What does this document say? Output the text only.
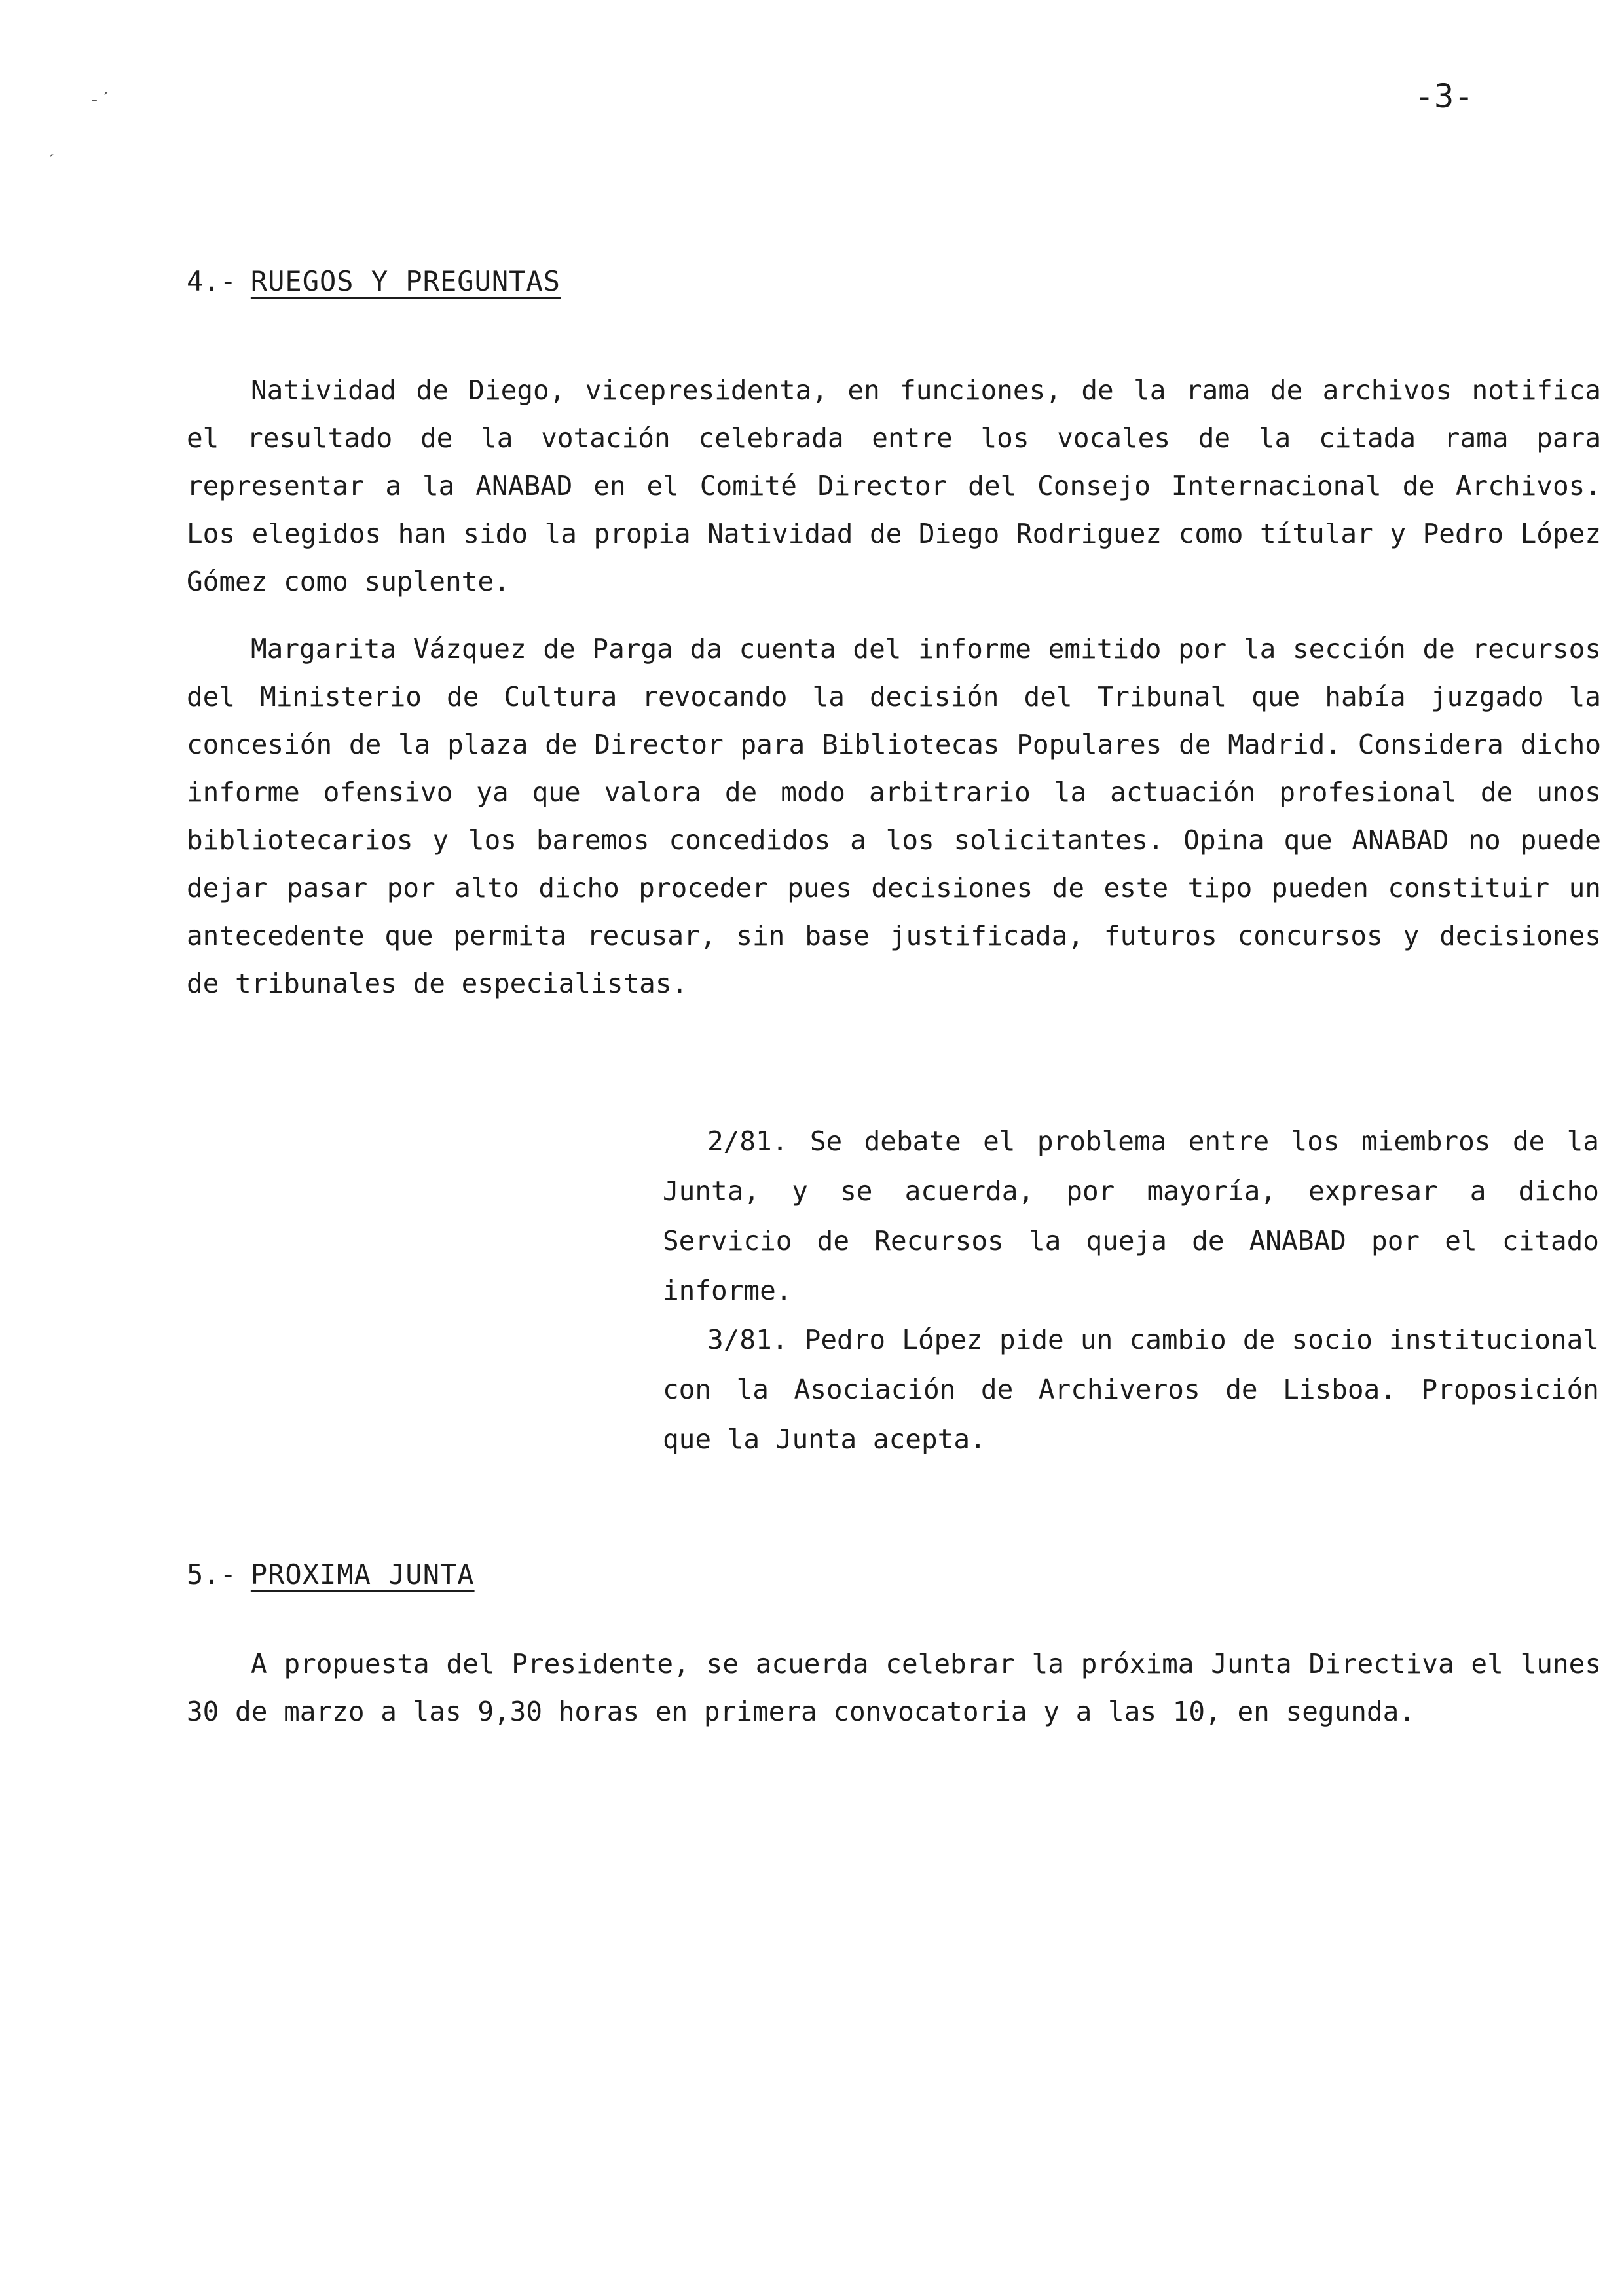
‐ˊ
ˊ
-3-
4.- RUEGOS Y PREGUNTAS

Natividad de Diego, vicepresidenta, en funciones, de la rama de archivos notifica el resultado de la votación celebrada entre los vocales de la citada rama para representar a la ANABAD en el Comité Director del Consejo Internacional de Archivos. Los elegidos han sido la propia Natividad de Diego Rodriguez como títular y Pedro López Gómez como suplente.

Margarita Vázquez de Parga da cuenta del informe emitido por la sección de recursos del Ministerio de Cultura revocando la decisión del Tribunal que había juzgado la concesión de la plaza de Director para Bibliotecas Populares de Madrid. Considera dicho informe ofensivo ya que valora de modo arbitrario la actuación profesional de unos bibliotecarios y los baremos concedidos a los solicitantes. Opina que ANABAD no puede dejar pasar por alto dicho proceder pues decisiones de este tipo pueden constituir un antecedente que permita recusar, sin base justificada, futuros concursos y decisiones de tribunales de especialistas.

2/81. Se debate el problema entre los miembros de la Junta, y se acuerda, por mayoría, expresar a dicho Servicio de Recursos la queja de ANABAD por el citado informe.

3/81. Pedro López pide un cambio de socio institucional con la Asociación de Archiveros de Lisboa. Proposición que la Junta acepta.

5.- PROXIMA JUNTA

A propuesta del Presidente, se acuerda celebrar la próxima Junta Directiva el lunes 30 de marzo a las 9,30 horas en primera convocatoria y a las 10, en segunda.
